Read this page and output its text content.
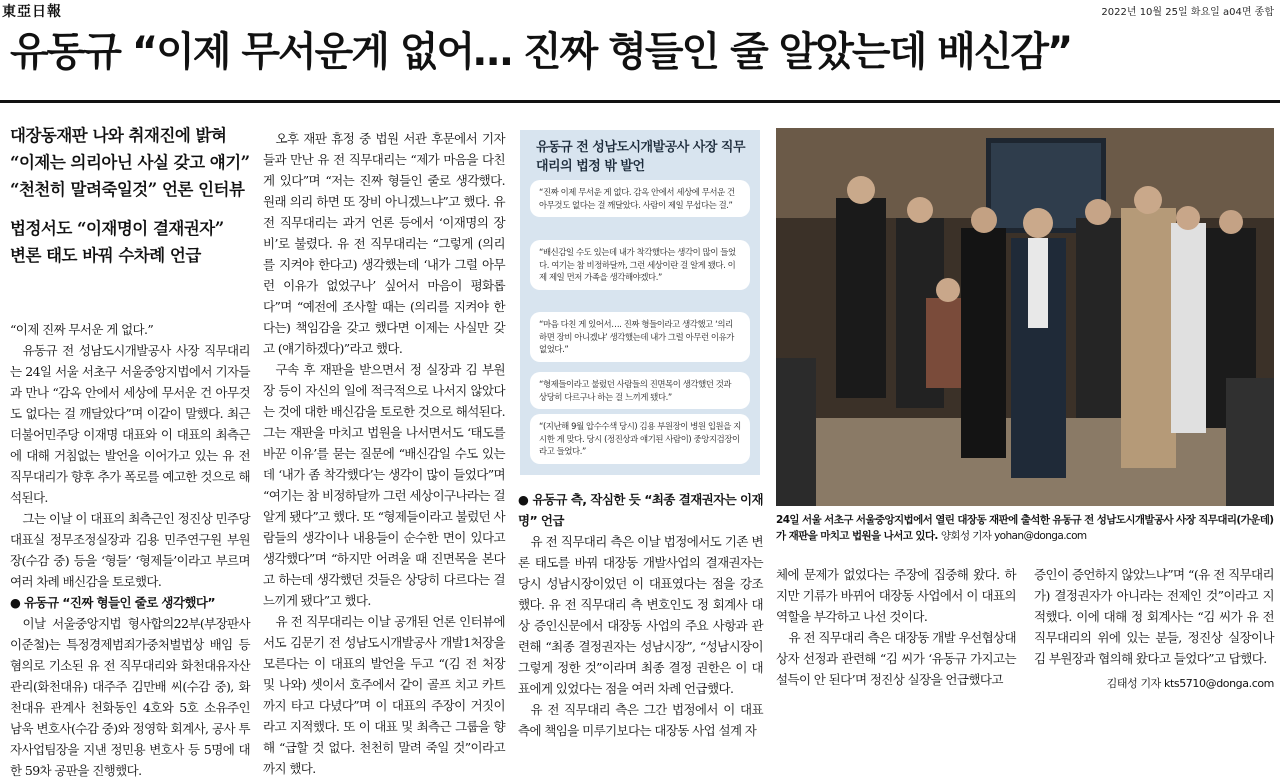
東亞日報	2022년 10월 25일 화요일 a04면 종합
유동규 “이제 무서운게 없어… 진짜 형들인 줄 알았는데 배신감”
대장동재판 나와 취재진에 밝혀
“이제는 의리아닌 사실 갖고 얘기”
“천천히 말려죽일것” 언론 인터뷰
법정서도 “이재명이 결재권자”
변론 태도 바꿔 수차례 언급

“이제 진짜 무서운 게 없다.”

유동규 전 성남도시개발공사 사장 직무대리는 24일 서울 서초구 서울중앙지법에서 기자들과 만나 “감옥 안에서 세상에 무서운 건 아무것도 없다는 걸 깨달았다”며 이같이 말했다. 최근 더불어민주당 이재명 대표와 이 대표의 최측근에 대해 거침없는 발언을 이어가고 있는 유 전 직무대리가 향후 추가 폭로를 예고한 것으로 해석된다.

그는 이날 이 대표의 최측근인 정진상 민주당 대표실 정무조정실장과 김용 민주연구원 부원장(수감 중) 등을 ‘형들’ ‘형제들’이라고 부르며 여러 차례 배신감을 토로했다.

● 유동규 “진짜 형들인 줄로 생각했다”

이날 서울중앙지법 형사합의22부(부장판사 이준철)는 특정경제범죄가중처벌법상 배임 등 혐의로 기소된 유 전 직무대리와 화천대유자산관리(화천대유) 대주주 김만배 씨(수감 중), 화천대유 관계사 천화동인 4호와 5호 소유주인 남욱 변호사(수감 중)와 정영학 회계사, 공사 투자사업팀장을 지낸 정민용 변호사 등 5명에 대한 59차 공판을 진행했다.

오후 재판 휴정 중 법원 서관 후문에서 기자들과 만난 유 전 직무대리는 “제가 마음을 다친게 있다”며 “저는 진짜 형들인 줄로 생각했다. 원래 의리 하면 또 장비 아니겠느냐”고 했다. 유 전 직무대리는 과거 언론 등에서 ‘이재명의 장비’로 불렸다. 유 전 직무대리는 “그렇게 (의리를 지켜야 한다고) 생각했는데 ‘내가 그럴 아무런 이유가 없었구나’ 싶어서 마음이 평화롭다”며 “예전에 조사할 때는 (의리를 지켜야 한다는) 책임감을 갖고 했다면 이제는 사실만 갖고 (얘기하겠다)”라고 했다.

구속 후 재판을 받으면서 정 실장과 김 부원장 등이 자신의 일에 적극적으로 나서지 않았다는 것에 대한 배신감을 토로한 것으로 해석된다. 그는 재판을 마치고 법원을 나서면서도 ‘태도를 바꾼 이유’를 묻는 질문에 “배신감일 수도 있는데 ‘내가 좀 착각했다’는 생각이 많이 들었다”며 “여기는 참 비정하달까 그런 세상이구나라는 걸 알게 됐다”고 했다. 또 “형제들이라고 불렀던 사람들의 생각이나 내용들이 순수한 면이 있다고 생각했다”며 “하지만 어려울 때 진면목을 본다고 하는데 생각했던 것들은 상당히 다르다는 걸 느끼게 됐다”고 했다.

유 전 직무대리는 이날 공개된 언론 인터뷰에서도 김문기 전 성남도시개발공사 개발1처장을 모른다는 이 대표의 발언을 두고 “(김 전 처장 및 나와) 셋이서 호주에서 같이 골프 치고 카트까지 타고 다녔다”며 이 대표의 주장이 거짓이라고 지적했다. 또 이 대표 및 최측근 그룹을 향해 “급할 것 없다. 천천히 말려 죽일 것”이라고까지 했다.

유동규 전 성남도시개발공사 사장 직무대리의 법정 밖 발언
“진짜 이제 무서운 게 없다. 감옥 안에서 세상에 무서운 건 아무것도 없다는 걸 깨달았다. 사람이 제일 무섭다는 걸.”
“배신감일 수도 있는데 내가 착각했다는 생각이 많이 들었다. 여기는 참 비정하달까, 그런 세상이란 걸 알게 됐다. 이제 제일 먼저 가족을 생각해야겠다.”
“마음 다친 게 있어서…. 진짜 형들이라고 생각했고 ‘의리 하면 장비 아니겠냐’ 생각했는데 내가 그럴 아무런 이유가 없었다.”
“형제들이라고 불렀던 사람들의 진면목이 생각했던 것과 상당히 다르구나 하는 걸 느끼게 됐다.”
“(지난해 9월 압수수색 당시) 김용 부원장이 병원 입원을 지시한 게 맞다. 당시 (정진상과 얘기된 사람이) 중앙지검장이라고 들었다.”

● 유동규 측, 작심한 듯 “최종 결재권자는 이재명” 언급

유 전 직무대리 측은 이날 법정에서도 기존 변론 태도를 바꿔 대장동 개발사업의 결재권자는 당시 성남시장이었던 이 대표였다는 점을 강조했다. 유 전 직무대리 측 변호인도 정 회계사 대상 증인신문에서 대장동 사업의 주요 사항과 관련해 “최종 결정권자는 성남시장”, “성남시장이 그렇게 정한 것”이라며 최종 결정 권한은 이 대표에게 있었다는 점을 여러 차례 언급했다.

유 전 직무대리 측은 그간 법정에서 이 대표 측에 책임을 미루기보다는 대장동 사업 설계 자

24일 서울 서초구 서울중앙지법에서 열린 대장동 재판에 출석한 유동규 전 성남도시개발공사 사장 직무대리(가운데)가 재판을 마치고 법원을 나서고 있다. 양회성 기자 yohan@donga.com

체에 문제가 없었다는 주장에 집중해 왔다. 하지만 기류가 바뀌어 대장동 사업에서 이 대표의 역할을 부각하고 나선 것이다.

유 전 직무대리 측은 대장동 개발 우선협상대상자 선정과 관련해 “김 씨가 ‘유동규 가지고는 설득이 안 된다’며 정진상 실장을 언급했다고

증인이 증언하지 않았느냐”며 “(유 전 직무대리가) 결정권자가 아니라는 전제인 것”이라고 지적했다. 이에 대해 정 회계사는 “김 씨가 유 전 직무대리의 위에 있는 분들, 정진상 실장이나 김 부원장과 협의해 왔다고 들었다”고 답했다.

김태성 기자 kts5710@donga.com
